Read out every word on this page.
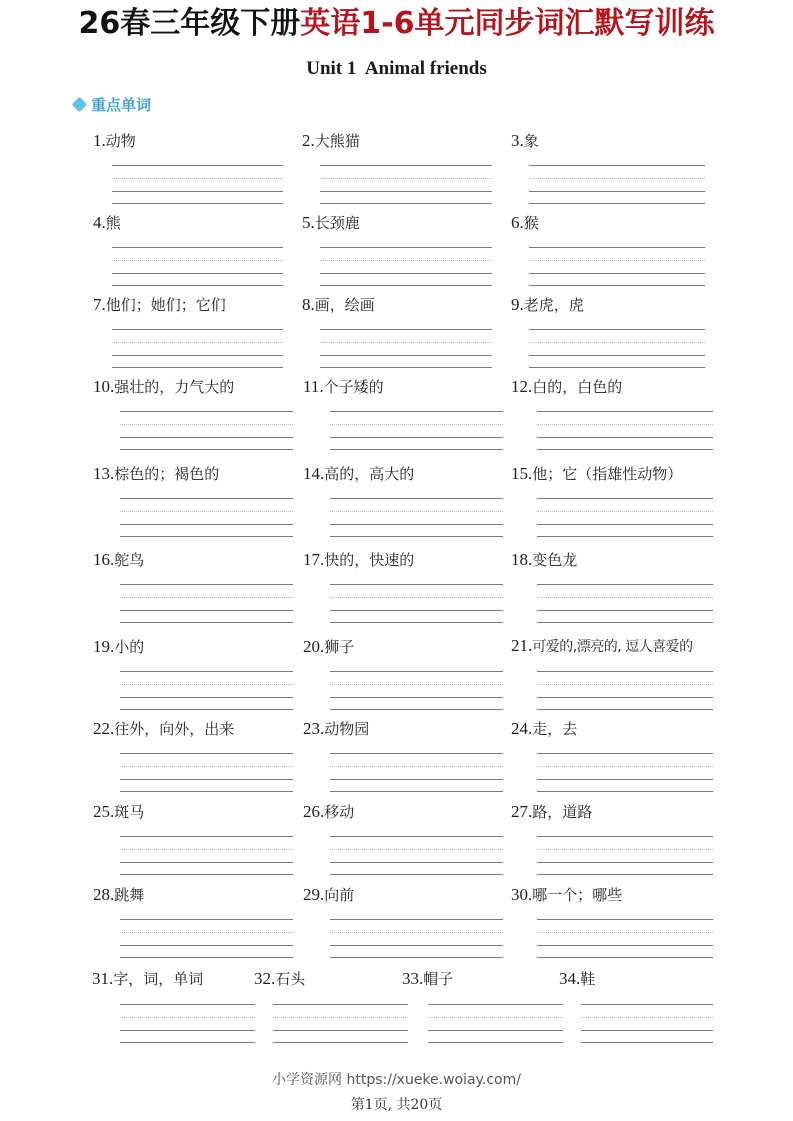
26春三年级下册英语1-6单元同步词汇默写训练
Unit 1  Animal friends
重点单词
1.动物	2.大熊猫	3.象
4.熊	5.长颈鹿	6.猴
7.他们；她们；它们	8.画，绘画	9.老虎，虎
10.强壮的，力气大的	11.个子矮的	12.白的，白色的
13.棕色的；褐色的	14.高的，高大的	15.他；它（指雄性动物）
16.鸵鸟	17.快的，快速的	18.变色龙
19.小的	20.狮子	21.可爱的,漂亮的, 逗人喜爱的
22.往外，向外，出来	23.动物园	24.走，去
25.斑马	26.移动	27.路，道路
28.跳舞	29.向前	30.哪一个；哪些
31.字，词，单词	32.石头	33.帽子	34.鞋
小学资源网 https://xueke.woiay.com/
第1页, 共20页
